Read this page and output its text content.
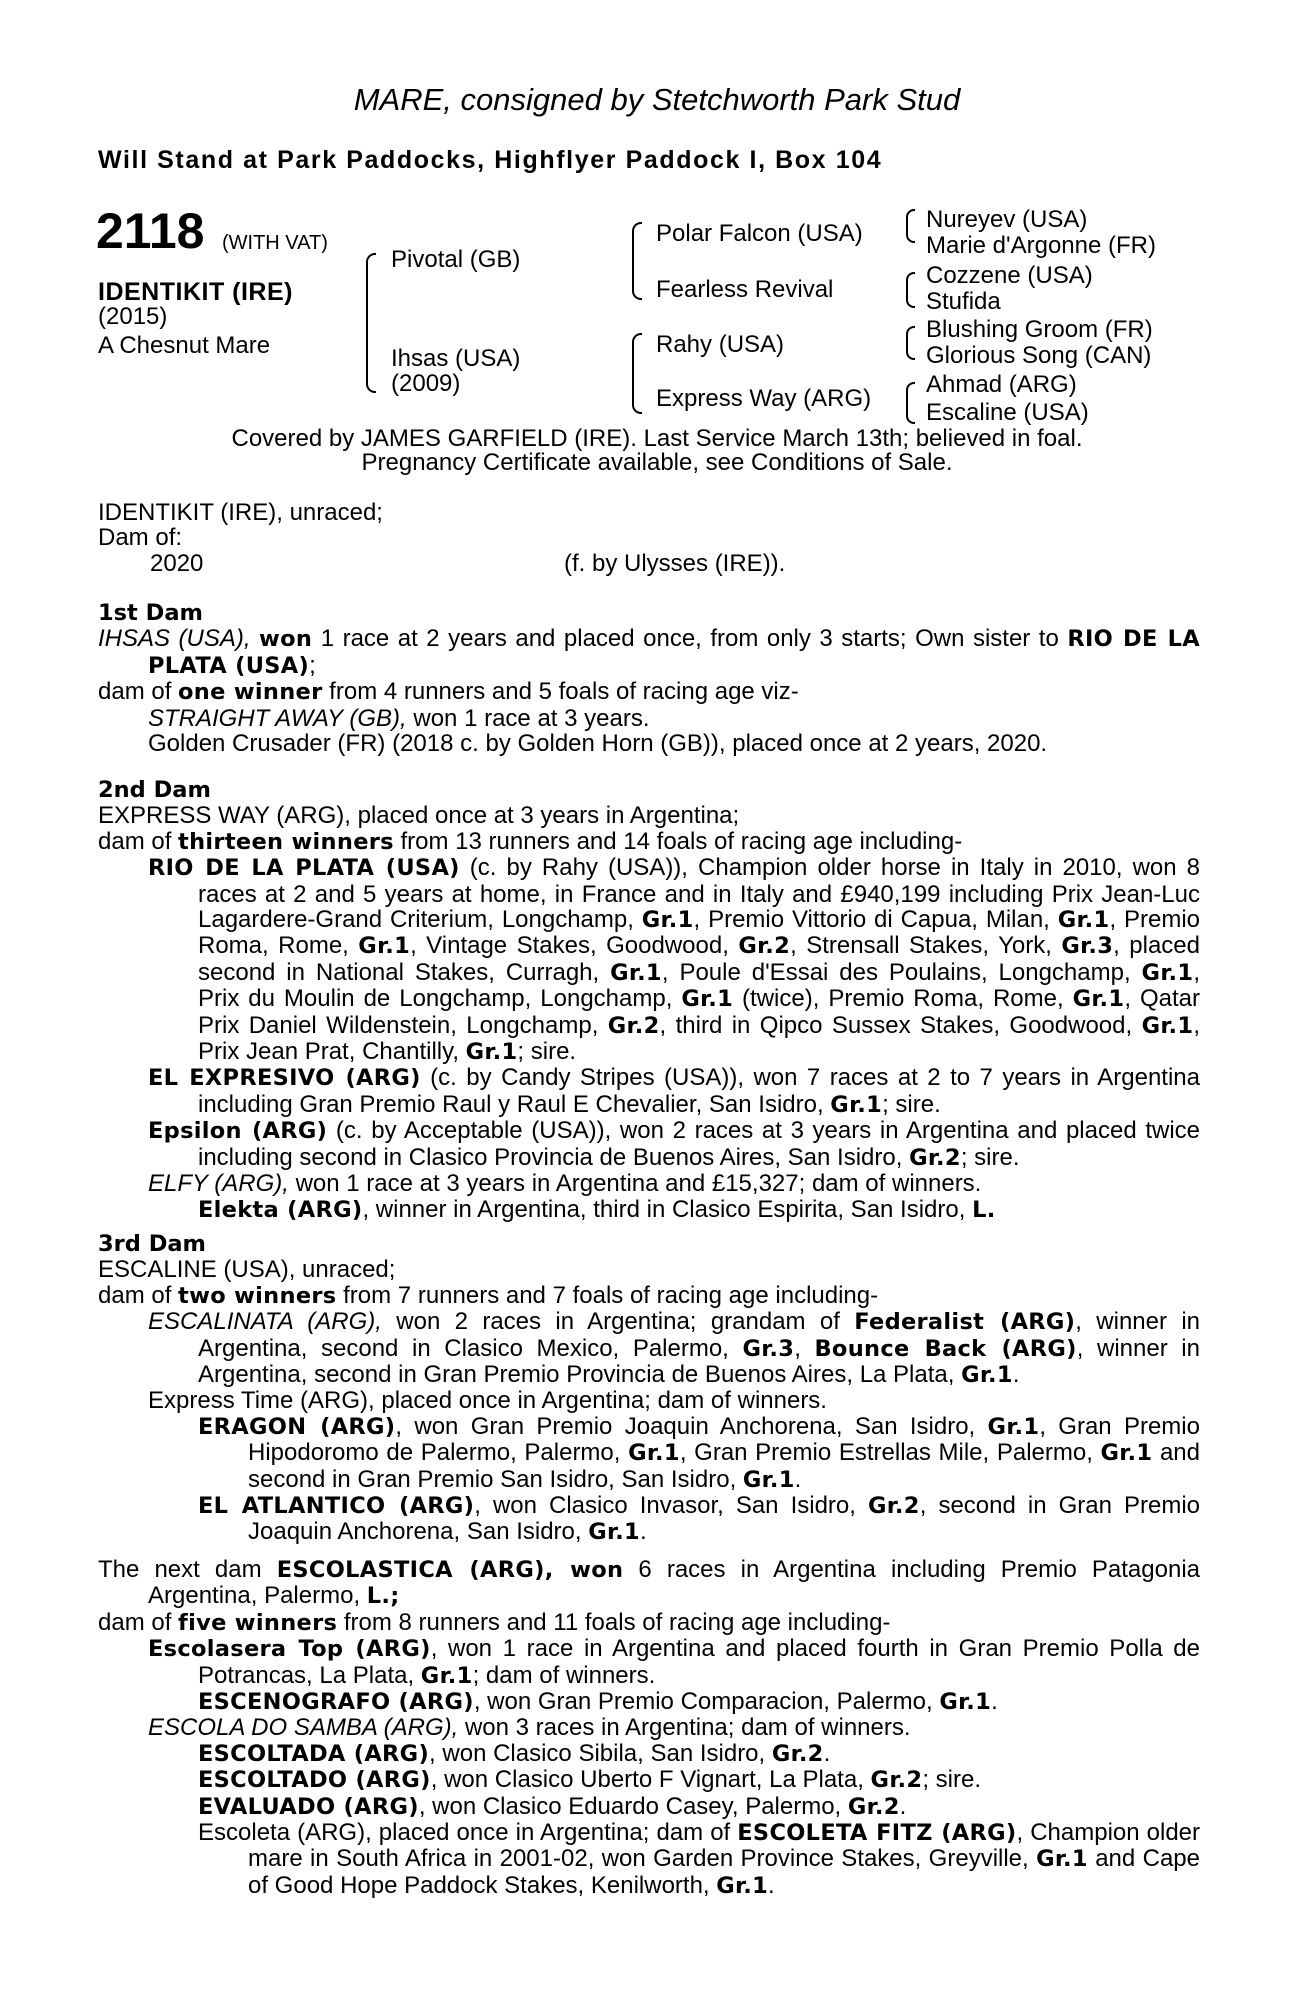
MARE, consigned by Stetchworth Park Stud
Will Stand at Park Paddocks, Highflyer Paddock I, Box 104
2118 (WITH VAT)
IDENTIKIT (IRE)
(2015)
A Chesnut Mare
Pivotal (GB)
Ihsas (USA)
(2009)
Polar Falcon (USA)
Fearless Revival
Rahy (USA)
Express Way (ARG)
Nureyev (USA)
Marie d'Argonne (FR)
Cozzene (USA)
Stufida
Blushing Groom (FR)
Glorious Song (CAN)
Ahmad (ARG)
Escaline (USA)
Covered by JAMES GARFIELD (IRE). Last Service March 13th; believed in foal.
Pregnancy Certificate available, see Conditions of Sale.
IDENTIKIT (IRE), unraced;
Dam of:
2020	(f. by Ulysses (IRE)).
1st Dam
IHSAS (USA), won 1 race at 2 years and placed once, from only 3 starts; Own sister to RIO DE LA PLATA (USA);
dam of one winner from 4 runners and 5 foals of racing age viz-
STRAIGHT AWAY (GB), won 1 race at 3 years.
Golden Crusader (FR) (2018 c. by Golden Horn (GB)), placed once at 2 years, 2020.
2nd Dam
EXPRESS WAY (ARG), placed once at 3 years in Argentina;
dam of thirteen winners from 13 runners and 14 foals of racing age including-
RIO DE LA PLATA (USA) (c. by Rahy (USA)), Champion older horse in Italy in 2010, won 8 races at 2 and 5 years at home, in France and in Italy and £940,199 including Prix Jean-Luc Lagardere-Grand Criterium, Longchamp, Gr.1, Premio Vittorio di Capua, Milan, Gr.1, Premio Roma, Rome, Gr.1, Vintage Stakes, Goodwood, Gr.2, Strensall Stakes, York, Gr.3, placed second in National Stakes, Curragh, Gr.1, Poule d'Essai des Poulains, Longchamp, Gr.1, Prix du Moulin de Longchamp, Longchamp, Gr.1 (twice), Premio Roma, Rome, Gr.1, Qatar Prix Daniel Wildenstein, Longchamp, Gr.2, third in Qipco Sussex Stakes, Goodwood, Gr.1, Prix Jean Prat, Chantilly, Gr.1; sire.
EL EXPRESIVO (ARG) (c. by Candy Stripes (USA)), won 7 races at 2 to 7 years in Argentina including Gran Premio Raul y Raul E Chevalier, San Isidro, Gr.1; sire.
Epsilon (ARG) (c. by Acceptable (USA)), won 2 races at 3 years in Argentina and placed twice including second in Clasico Provincia de Buenos Aires, San Isidro, Gr.2; sire.
ELFY (ARG), won 1 race at 3 years in Argentina and £15,327; dam of winners.
Elekta (ARG), winner in Argentina, third in Clasico Espirita, San Isidro, L.
3rd Dam
ESCALINE (USA), unraced;
dam of two winners from 7 runners and 7 foals of racing age including-
ESCALINATA (ARG), won 2 races in Argentina; grandam of Federalist (ARG), winner in Argentina, second in Clasico Mexico, Palermo, Gr.3, Bounce Back (ARG), winner in Argentina, second in Gran Premio Provincia de Buenos Aires, La Plata, Gr.1.
Express Time (ARG), placed once in Argentina; dam of winners.
ERAGON (ARG), won Gran Premio Joaquin Anchorena, San Isidro, Gr.1, Gran Premio Hipodoromo de Palermo, Palermo, Gr.1, Gran Premio Estrellas Mile, Palermo, Gr.1 and second in Gran Premio San Isidro, San Isidro, Gr.1.
EL ATLANTICO (ARG), won Clasico Invasor, San Isidro, Gr.2, second in Gran Premio Joaquin Anchorena, San Isidro, Gr.1.
The next dam ESCOLASTICA (ARG), won 6 races in Argentina including Premio Patagonia Argentina, Palermo, L.;
dam of five winners from 8 runners and 11 foals of racing age including-
Escolasera Top (ARG), won 1 race in Argentina and placed fourth in Gran Premio Polla de Potrancas, La Plata, Gr.1; dam of winners.
ESCENOGRAFO (ARG), won Gran Premio Comparacion, Palermo, Gr.1.
ESCOLA DO SAMBA (ARG), won 3 races in Argentina; dam of winners.
ESCOLTADA (ARG), won Clasico Sibila, San Isidro, Gr.2.
ESCOLTADO (ARG), won Clasico Uberto F Vignart, La Plata, Gr.2; sire.
EVALUADO (ARG), won Clasico Eduardo Casey, Palermo, Gr.2.
Escoleta (ARG), placed once in Argentina; dam of ESCOLETA FITZ (ARG), Champion older mare in South Africa in 2001-02, won Garden Province Stakes, Greyville, Gr.1 and Cape of Good Hope Paddock Stakes, Kenilworth, Gr.1.
